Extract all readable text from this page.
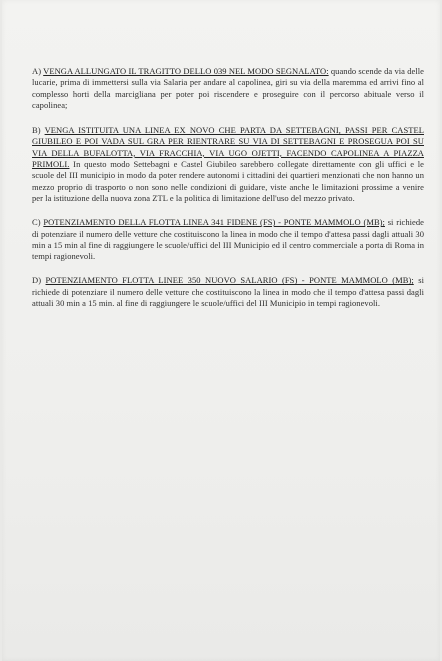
A) VENGA ALLUNGATO IL TRAGITTO DELLO 039 NEL MODO SEGNALATO: quando scende da via delle lucarie, prima di immettersi sulla via Salaria per andare al capolinea, giri su via della maremma ed arrivi fino al complesso horti della marcigliana per poter poi riscendere e proseguire con il percorso abituale verso il capolinea;

B) VENGA ISTITUITA UNA LINEA EX NOVO CHE PARTA DA SETTEBAGNI, PASSI PER CASTEL GIUBILEO E POI VADA SUL GRA PER RIENTRARE SU VIA DI SETTEBAGNI E PROSEGUA POI SU VIA DELLA BUFALOTTA, VIA FRACCHIA, VIA UGO OJETTI, FACENDO CAPOLINEA A PIAZZA PRIMOLI. In questo modo Settebagni e Castel Giubileo sarebbero collegate direttamente con gli uffici e le scuole del III municipio in modo da poter rendere autonomi i cittadini dei quartieri menzionati che non hanno un mezzo proprio di trasporto o non sono nelle condizioni di guidare, viste anche le limitazioni prossime a venire per la istituzione della nuova zona ZTL e la politica di limitazione dell'uso del mezzo privato.

C) POTENZIAMENTO DELLA FLOTTA LINEA 341 FIDENE (FS) - PONTE MAMMOLO (MB); si richiede di potenziare il numero delle vetture che costituiscono la linea in modo che il tempo d'attesa passi dagli attuali 30 min a 15 min al fine di raggiungere le scuole/uffici del III Municipio ed il centro commerciale a porta di Roma in tempi ragionevoli.

D) POTENZIAMENTO FLOTTA LINEE 350 NUOVO SALARIO (FS) - PONTE MAMMOLO (MB); si richiede di potenziare il numero delle vetture che costituiscono la linea in modo che il tempo d'attesa passi dagli attuali 30 min a 15 min. al fine di raggiungere le scuole/uffici del III Municipio in tempi ragionevoli.
